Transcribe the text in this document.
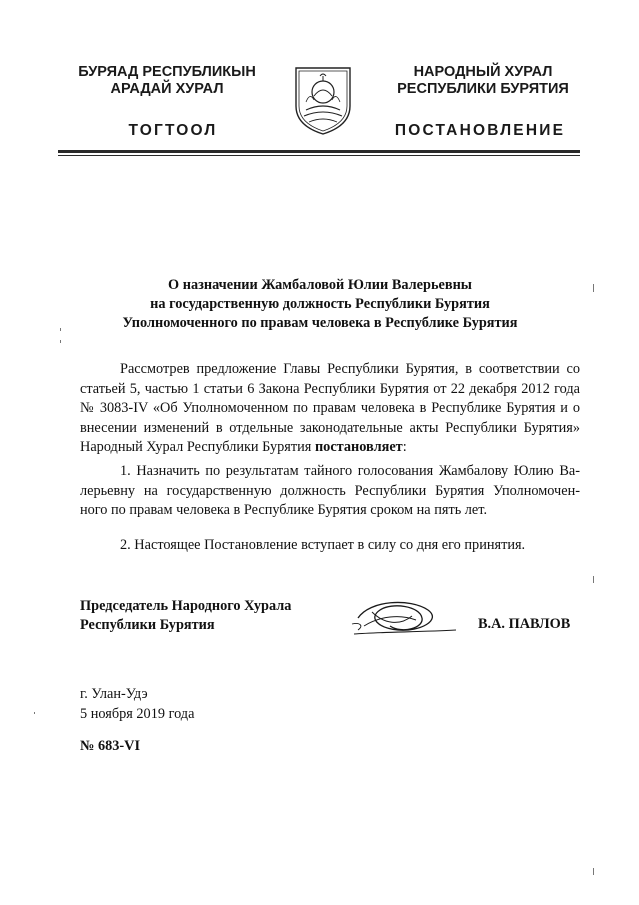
БУРЯАД РЕСПУБЛИКЫН
АРАДАЙ ХУРАЛ
ТОГТООЛ
НАРОДНЫЙ ХУРАЛ
РЕСПУБЛИКИ БУРЯТИЯ
ПОСТАНОВЛЕНИЕ
О назначении Жамбаловой Юлии Валерьевны
на государственную должность Республики Бурятия
Уполномоченного по правам человека в Республике Бурятия
Рассмотрев предложение Главы Республики Бурятия, в соответствии со
статьей 5, частью 1 статьи 6 Закона Республики Бурятия от 22 декабря 2012 года
№ 3083-IV «Об Уполномоченном по правам человека в Республике Бурятия и о
внесении изменений в отдельные законодательные акты Республики Бурятия»
Народный Хурал Республики Бурятия постановляет:
1. Назначить по результатам тайного голосования Жамбалову Юлию Ва-
лерьевну на государственную должность Республики Бурятия Уполномочен-
ного по правам человека в Республике Бурятия сроком на пять лет.
2. Настоящее Постановление вступает в силу со дня его принятия.
Председатель Народного Хурала
Республики Бурятия	В.А. ПАВЛОВ
г. Улан-Удэ
5 ноября 2019 года
№ 683-VI
